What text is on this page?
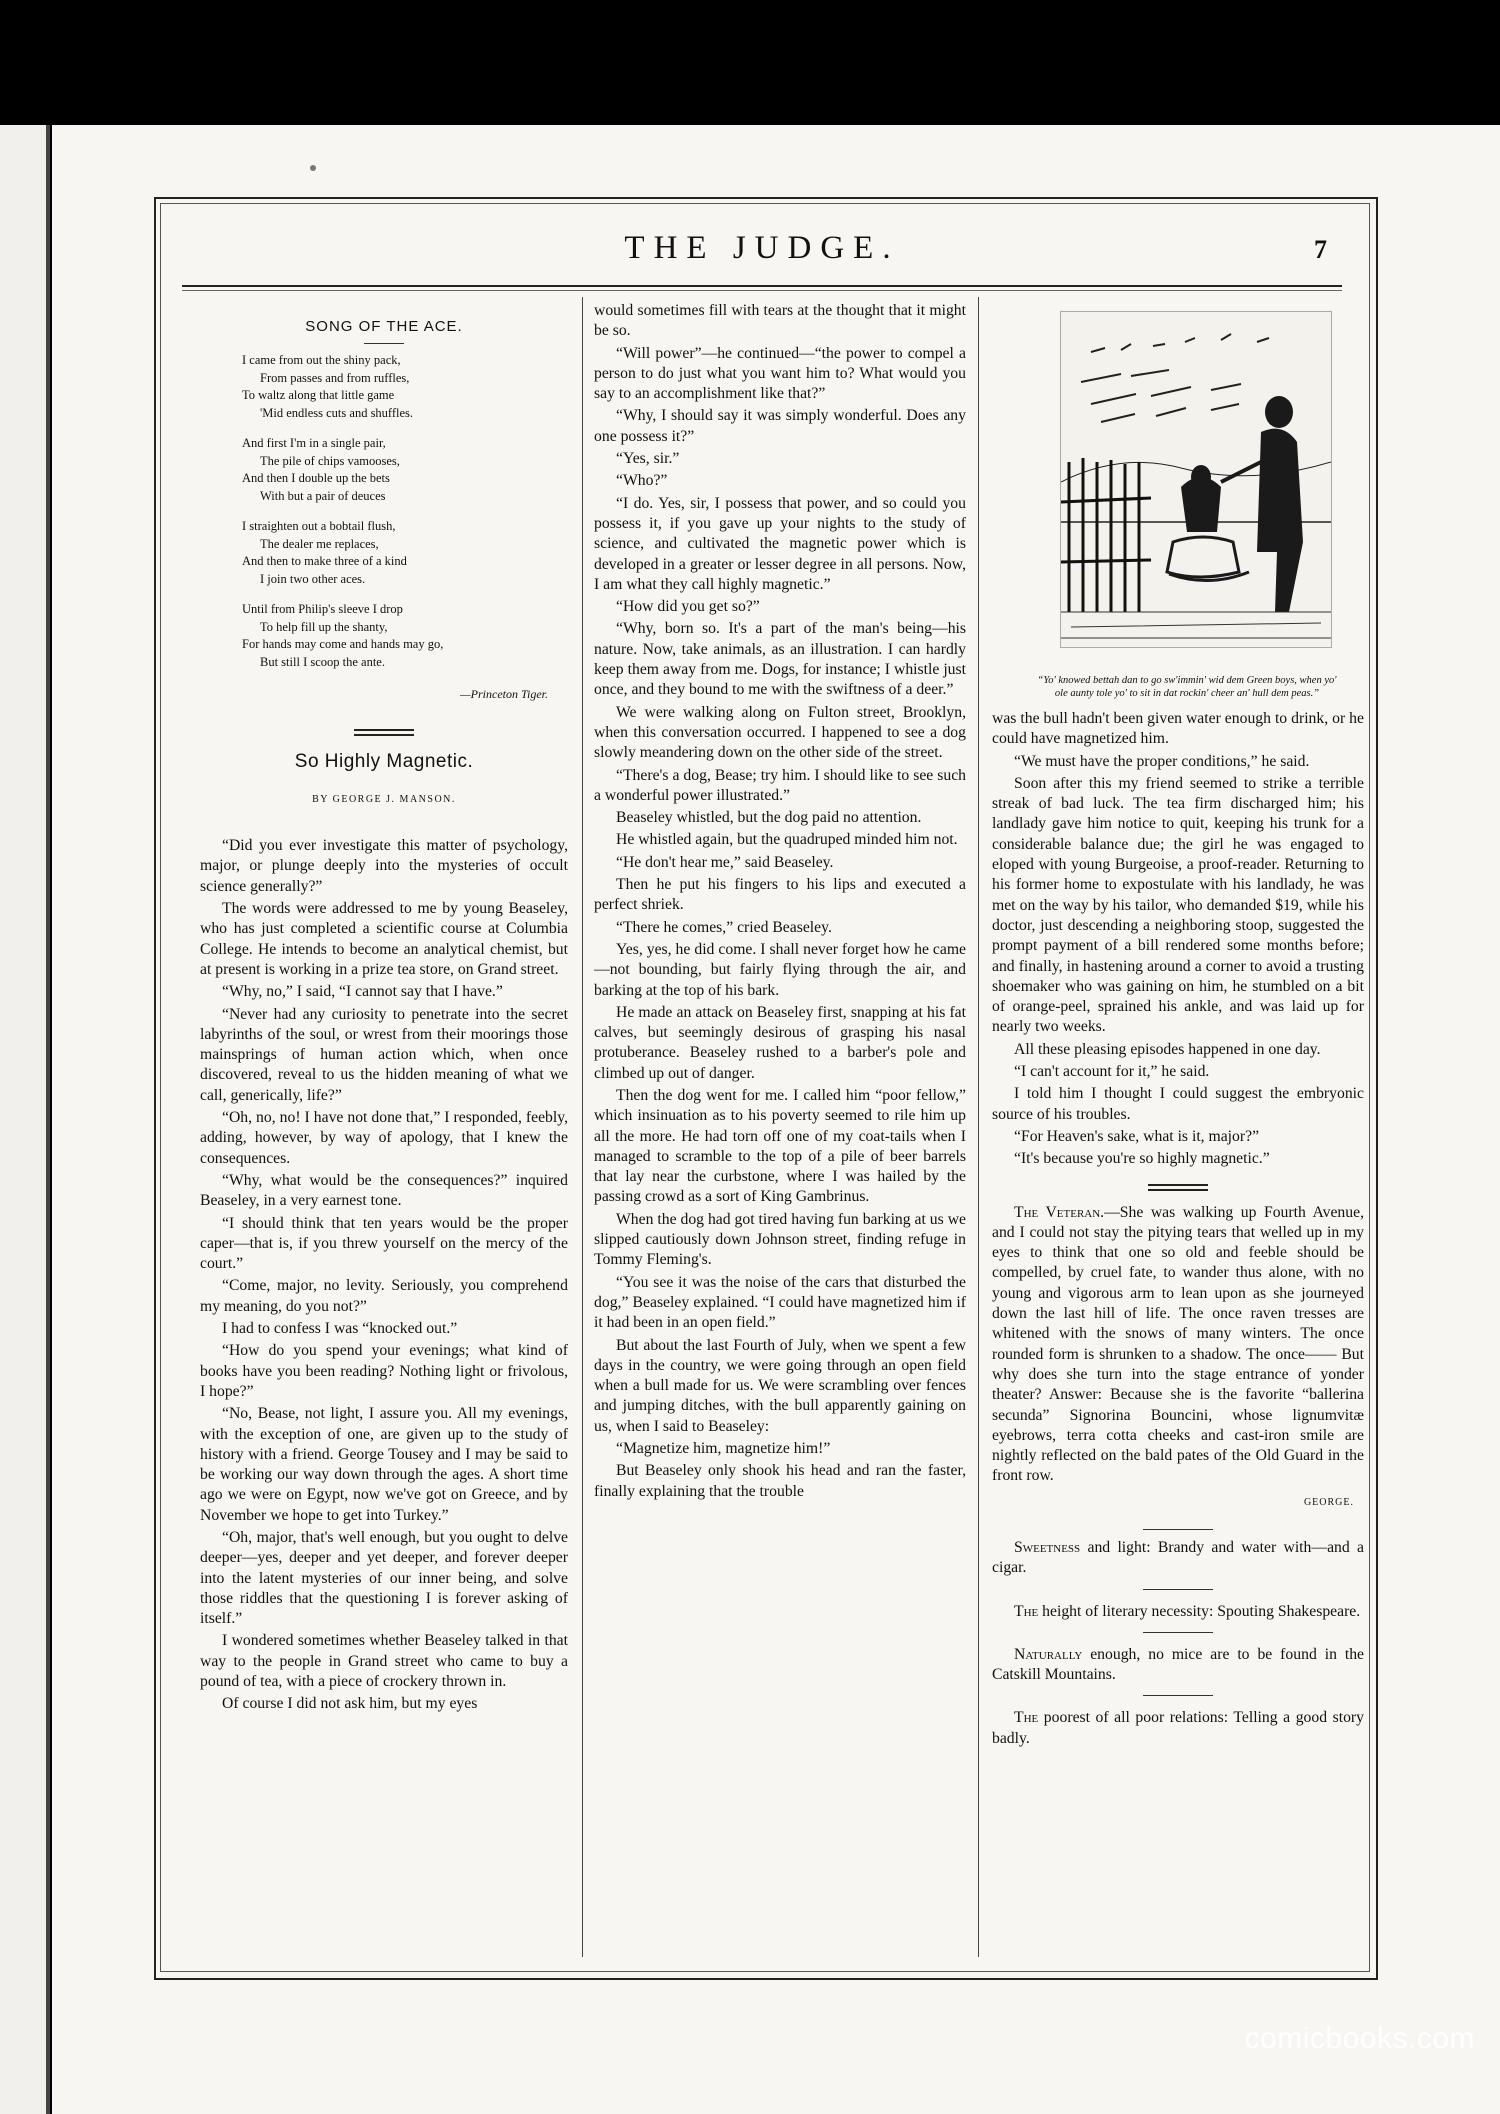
THE JUDGE.	7
SONG OF THE ACE.
I came from out the shiny pack,
From passes and from ruffles,
To waltz along that little game
'Mid endless cuts and shuffles.
And first I'm in a single pair,
The pile of chips vamooses,
And then I double up the bets
With but a pair of deuces
I straighten out a bobtail flush,
The dealer me replaces,
And then to make three of a kind
I join two other aces.
Until from Philip's sleeve I drop
To help fill up the shanty,
For hands may come and hands may go,
But still I scoop the ante.
—Princeton Tiger.
So Highly Magnetic.
BY GEORGE J. MANSON.

“Did you ever investigate this matter of psychology, major, or plunge deeply into the mysteries of occult science generally?”

The words were addressed to me by young Beaseley, who has just completed a scientific course at Columbia College. He intends to become an analytical chemist, but at present is working in a prize tea store, on Grand street.

“Why, no,” I said, “I cannot say that I have.”

“Never had any curiosity to penetrate into the secret labyrinths of the soul, or wrest from their moorings those mainsprings of human action which, when once discovered, reveal to us the hidden meaning of what we call, generically, life?”

“Oh, no, no! I have not done that,” I responded, feebly, adding, however, by way of apology, that I knew the consequences.

“Why, what would be the consequences?” inquired Beaseley, in a very earnest tone.

“I should think that ten years would be the proper caper—that is, if you threw yourself on the mercy of the court.”

“Come, major, no levity. Seriously, you comprehend my meaning, do you not?”

I had to confess I was “knocked out.”

“How do you spend your evenings; what kind of books have you been reading? Nothing light or frivolous, I hope?”

“No, Bease, not light, I assure you. All my evenings, with the exception of one, are given up to the study of history with a friend. George Tousey and I may be said to be working our way down through the ages. A short time ago we were on Egypt, now we've got on Greece, and by November we hope to get into Turkey.”

“Oh, major, that's well enough, but you ought to delve deeper—yes, deeper and yet deeper, and forever deeper into the latent mysteries of our inner being, and solve those riddles that the questioning I is forever asking of itself.”

I wondered sometimes whether Beaseley talked in that way to the people in Grand street who came to buy a pound of tea, with a piece of crockery thrown in.

Of course I did not ask him, but my eyes

would sometimes fill with tears at the thought that it might be so.

“Will power”—he continued—“the power to compel a person to do just what you want him to? What would you say to an accomplishment like that?”

“Why, I should say it was simply wonderful. Does any one possess it?”

“Yes, sir.”

“Who?”

“I do. Yes, sir, I possess that power, and so could you possess it, if you gave up your nights to the study of science, and cultivated the magnetic power which is developed in a greater or lesser degree in all persons. Now, I am what they call highly magnetic.”

“How did you get so?”

“Why, born so. It's a part of the man's being—his nature. Now, take animals, as an illustration. I can hardly keep them away from me. Dogs, for instance; I whistle just once, and they bound to me with the swiftness of a deer.”

We were walking along on Fulton street, Brooklyn, when this conversation occurred. I happened to see a dog slowly meandering down on the other side of the street.

“There's a dog, Bease; try him. I should like to see such a wonderful power illustrated.”

Beaseley whistled, but the dog paid no attention.

He whistled again, but the quadruped minded him not.

“He don't hear me,” said Beaseley.

Then he put his fingers to his lips and executed a perfect shriek.

“There he comes,” cried Beaseley.

Yes, yes, he did come. I shall never forget how he came—not bounding, but fairly flying through the air, and barking at the top of his bark.

He made an attack on Beaseley first, snapping at his fat calves, but seemingly desirous of grasping his nasal protuberance. Beaseley rushed to a barber's pole and climbed up out of danger.

Then the dog went for me. I called him “poor fellow,” which insinuation as to his poverty seemed to rile him up all the more. He had torn off one of my coat-tails when I managed to scramble to the top of a pile of beer barrels that lay near the curbstone, where I was hailed by the passing crowd as a sort of King Gambrinus.

When the dog had got tired having fun barking at us we slipped cautiously down Johnson street, finding refuge in Tommy Fleming's.

“You see it was the noise of the cars that disturbed the dog,” Beaseley explained. “I could have magnetized him if it had been in an open field.”

But about the last Fourth of July, when we spent a few days in the country, we were going through an open field when a bull made for us. We were scrambling over fences and jumping ditches, with the bull apparently gaining on us, when I said to Beaseley:

“Magnetize him, magnetize him!”

But Beaseley only shook his head and ran the faster, finally explaining that the trouble

“Yo' knowed bettah dan to go sw'immin' wid dem Green boys, when yo' ole aunty tole yo' to sit in dat rockin' cheer an' hull dem peas.”

was the bull hadn't been given water enough to drink, or he could have magnetized him.

“We must have the proper conditions,” he said.

Soon after this my friend seemed to strike a terrible streak of bad luck. The tea firm discharged him; his landlady gave him notice to quit, keeping his trunk for a considerable balance due; the girl he was engaged to eloped with young Burgeoise, a proof-reader. Returning to his former home to expostulate with his landlady, he was met on the way by his tailor, who demanded $19, while his doctor, just descending a neighboring stoop, suggested the prompt payment of a bill rendered some months before; and finally, in hastening around a corner to avoid a trusting shoemaker who was gaining on him, he stumbled on a bit of orange-peel, sprained his ankle, and was laid up for nearly two weeks.

All these pleasing episodes happened in one day.

“I can't account for it,” he said.

I told him I thought I could suggest the embryonic source of his troubles.

“For Heaven's sake, what is it, major?”

“It's because you're so highly magnetic.”

The Veteran.—She was walking up Fourth Avenue, and I could not stay the pitying tears that welled up in my eyes to think that one so old and feeble should be compelled, by cruel fate, to wander thus alone, with no young and vigorous arm to lean upon as she journeyed down the last hill of life. The once raven tresses are whitened with the snows of many winters. The once rounded form is shrunken to a shadow. The once—— But why does she turn into the stage entrance of yonder theater? Answer: Because she is the favorite “ballerina secunda” Signorina Bouncini, whose lignumvitæ eyebrows, terra cotta cheeks and cast-iron smile are nightly reflected on the bald pates of the Old Guard in the front row.

GEORGE.

Sweetness and light: Brandy and water with—and a cigar.

The height of literary necessity: Spouting Shakespeare.

Naturally enough, no mice are to be found in the Catskill Mountains.

The poorest of all poor relations: Telling a good story badly.

comicbooks.com
